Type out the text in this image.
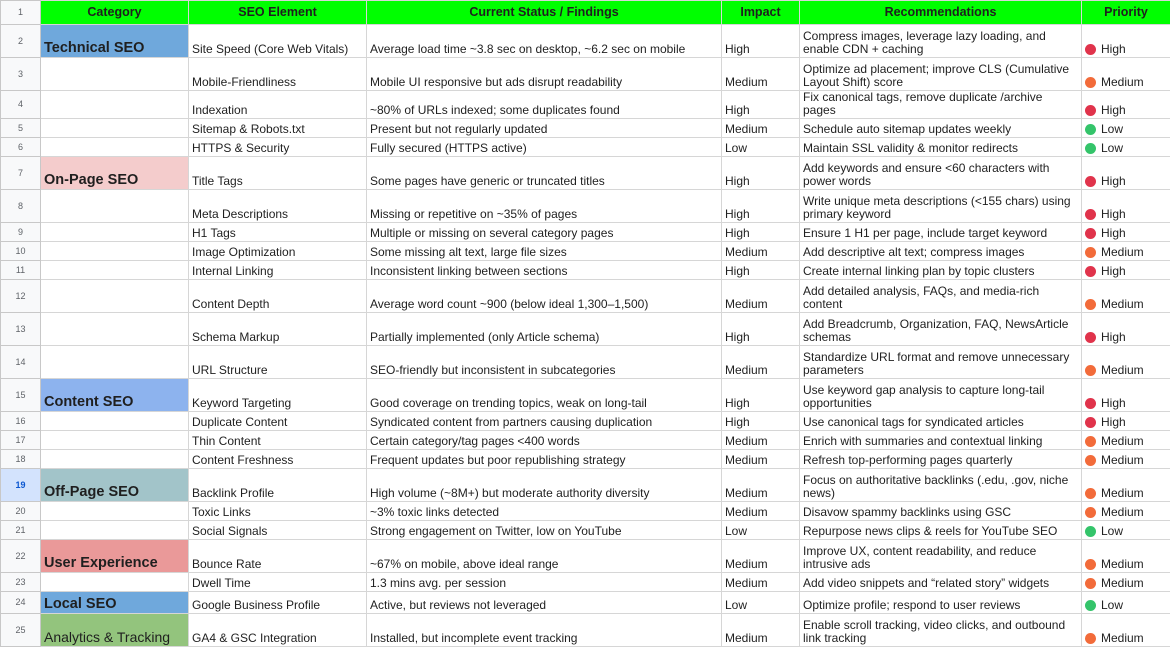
1	Category	SEO Element	Current Status / Findings	Impact	Recommendations	Priority
2	Technical SEO	Site Speed (Core Web Vitals)	Average load time ~3.8 sec on desktop, ~6.2 sec on mobile	High	Compress images, leverage lazy loading, and enable CDN + caching	High
3		Mobile-Friendliness	Mobile UI responsive but ads disrupt readability	Medium	Optimize ad placement; improve CLS (Cumulative Layout Shift) score	Medium
4		Indexation	~80% of URLs indexed; some duplicates found	High	Fix canonical tags, remove duplicate /archive pages	High
5		Sitemap & Robots.txt	Present but not regularly updated	Medium	Schedule auto sitemap updates weekly	Low
6		HTTPS & Security	Fully secured (HTTPS active)	Low	Maintain SSL validity & monitor redirects	Low
7	On-Page SEO	Title Tags	Some pages have generic or truncated titles	High	Add keywords and ensure <60 characters with power words	High
8		Meta Descriptions	Missing or repetitive on ~35% of pages	High	Write unique meta descriptions (<155 chars) using primary keyword	High
9		H1 Tags	Multiple or missing on several category pages	High	Ensure 1 H1 per page, include target keyword	High
10		Image Optimization	Some missing alt text, large file sizes	Medium	Add descriptive alt text; compress images	Medium
11		Internal Linking	Inconsistent linking between sections	High	Create internal linking plan by topic clusters	High
12		Content Depth	Average word count ~900 (below ideal 1,300–1,500)	Medium	Add detailed analysis, FAQs, and media-rich content	Medium
13		Schema Markup	Partially implemented (only Article schema)	High	Add Breadcrumb, Organization, FAQ, NewsArticle schemas	High
14		URL Structure	SEO-friendly but inconsistent in subcategories	Medium	Standardize URL format and remove unnecessary parameters	Medium
15	Content SEO	Keyword Targeting	Good coverage on trending topics, weak on long-tail	High	Use keyword gap analysis to capture long-tail opportunities	High
16		Duplicate Content	Syndicated content from partners causing duplication	High	Use canonical tags for syndicated articles	High
17		Thin Content	Certain category/tag pages <400 words	Medium	Enrich with summaries and contextual linking	Medium
18		Content Freshness	Frequent updates but poor republishing strategy	Medium	Refresh top-performing pages quarterly	Medium
19	Off-Page SEO	Backlink Profile	High volume (~8M+) but moderate authority diversity	Medium	Focus on authoritative backlinks (.edu, .gov, niche news)	Medium
20		Toxic Links	~3% toxic links detected	Medium	Disavow spammy backlinks using GSC	Medium
21		Social Signals	Strong engagement on Twitter, low on YouTube	Low	Repurpose news clips & reels for YouTube SEO	Low
22	User Experience	Bounce Rate	~67% on mobile, above ideal range	Medium	Improve UX, content readability, and reduce intrusive ads	Medium
23		Dwell Time	1.3 mins avg. per session	Medium	Add video snippets and “related story” widgets	Medium
24	Local SEO	Google Business Profile	Active, but reviews not leveraged	Low	Optimize profile; respond to user reviews	Low
25	Analytics & Tracking	GA4 & GSC Integration	Installed, but incomplete event tracking	Medium	Enable scroll tracking, video clicks, and outbound link tracking	Medium
